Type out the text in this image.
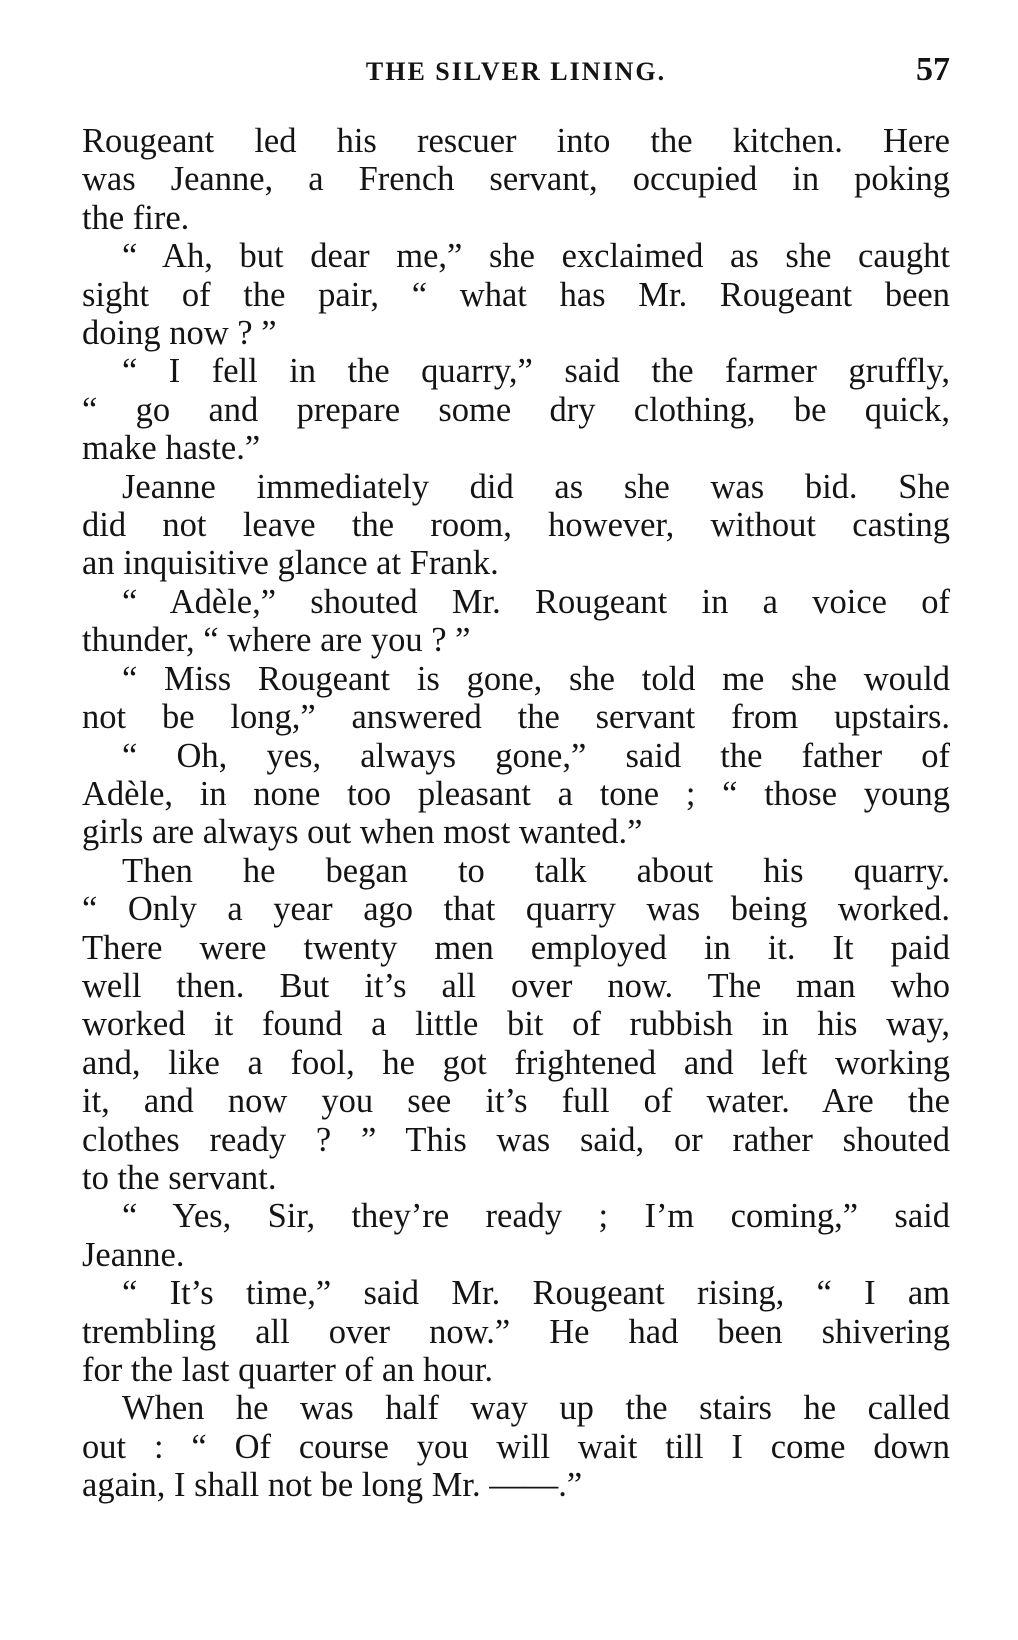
THE SILVER LINING.	57

Rougeant led his rescuer into the kitchen. Here
was Jeanne, a French servant, occupied in poking
the fire.

“ Ah, but dear me,” she exclaimed as she caught
sight of the pair, “ what has Mr. Rougeant been
doing now ? ”

“ I fell in the quarry,” said the farmer gruffly,
“ go and prepare some dry clothing, be quick,
make haste.”

Jeanne immediately did as she was bid. She
did not leave the room, however, without casting
an inquisitive glance at Frank.

“ Adèle,” shouted Mr. Rougeant in a voice of
thunder, “ where are you ? ”

“ Miss Rougeant is gone, she told me she would
not be long,” answered the servant from upstairs.

“ Oh, yes, always gone,” said the father of
Adèle, in none too pleasant a tone ; “ those young
girls are always out when most wanted.”

Then he began to talk about his quarry.
“ Only a year ago that quarry was being worked.
There were twenty men employed in it. It paid
well then. But it’s all over now. The man who
worked it found a little bit of rubbish in his way,
and, like a fool, he got frightened and left working
it, and now you see it’s full of water. Are the
clothes ready ? ” This was said, or rather shouted
to the servant.

“ Yes, Sir, they’re ready ; I’m coming,” said
Jeanne.

“ It’s time,” said Mr. Rougeant rising, “ I am
trembling all over now.” He had been shivering
for the last quarter of an hour.

When he was half way up the stairs he called
out : “ Of course you will wait till I come down
again, I shall not be long Mr. ——.”
